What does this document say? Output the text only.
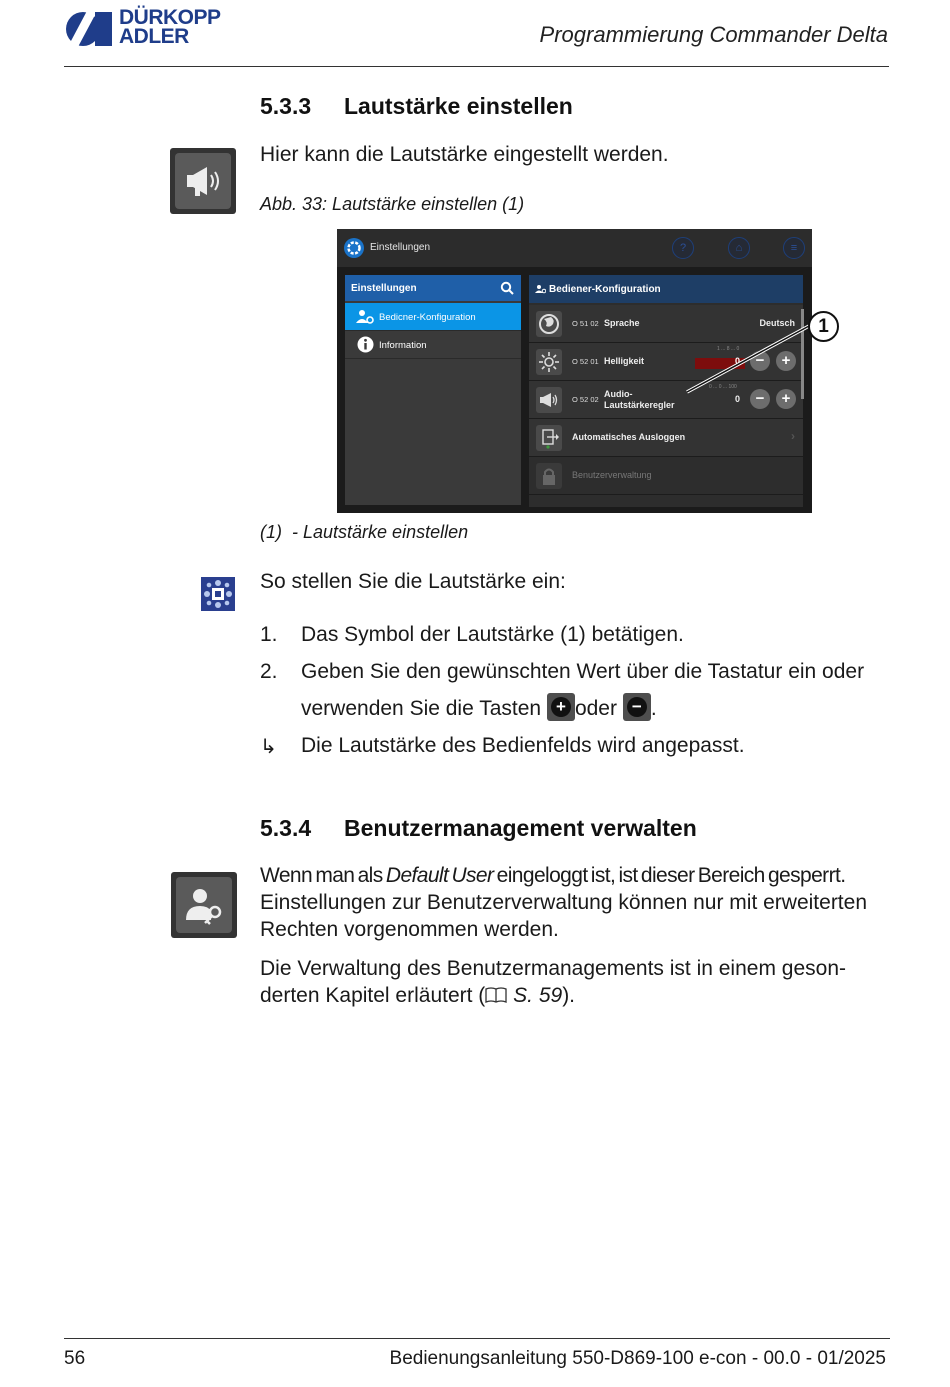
DÜRKOPP
ADLER	Programmierung Commander Delta
5.3.3 Lautstärke einstellen
Hier kann die Lautstärke eingestellt werden.
Abb. 33: Lautstärke einstellen (1)
Einstellungen	?	⌂	≡
Einstellungen
Bedicner-Konfiguration
Information
Bediener-Konfiguration
O 51 02 Sprache	Deutsch
O 52 01 Helligkeit
1 ... 8 ... 0
0	−	+
O 52 02
Audio-
Lautstärkeregler
0 ... 0 ... 100
0	−	+
Automatisches Ausloggen	›
Benutzerverwaltung
1
(1) - Lautstärke einstellen
So stellen Sie die Lautstärke ein:
1. Das Symbol der Lautstärke (1) betätigen.
2. Geben Sie den gewünschten Wert über die Tastatur ein oder
verwenden Sie die Tasten + oder − .
↳ Die Lautstärke des Bedienfelds wird angepasst.
5.3.4 Benutzermanagement verwalten
Wenn man als Default User eingeloggt ist, ist dieser Bereich gesperrt.
Einstellungen zur Benutzerverwaltung können nur mit erweiterten
Rechten vorgenommen werden.
Die Verwaltung des Benutzermanagements ist in einem geson-
derten Kapitel erläutert ( S. 59).
56	Bedienungsanleitung 550-D869-100 e-con - 00.0 - 01/2025
